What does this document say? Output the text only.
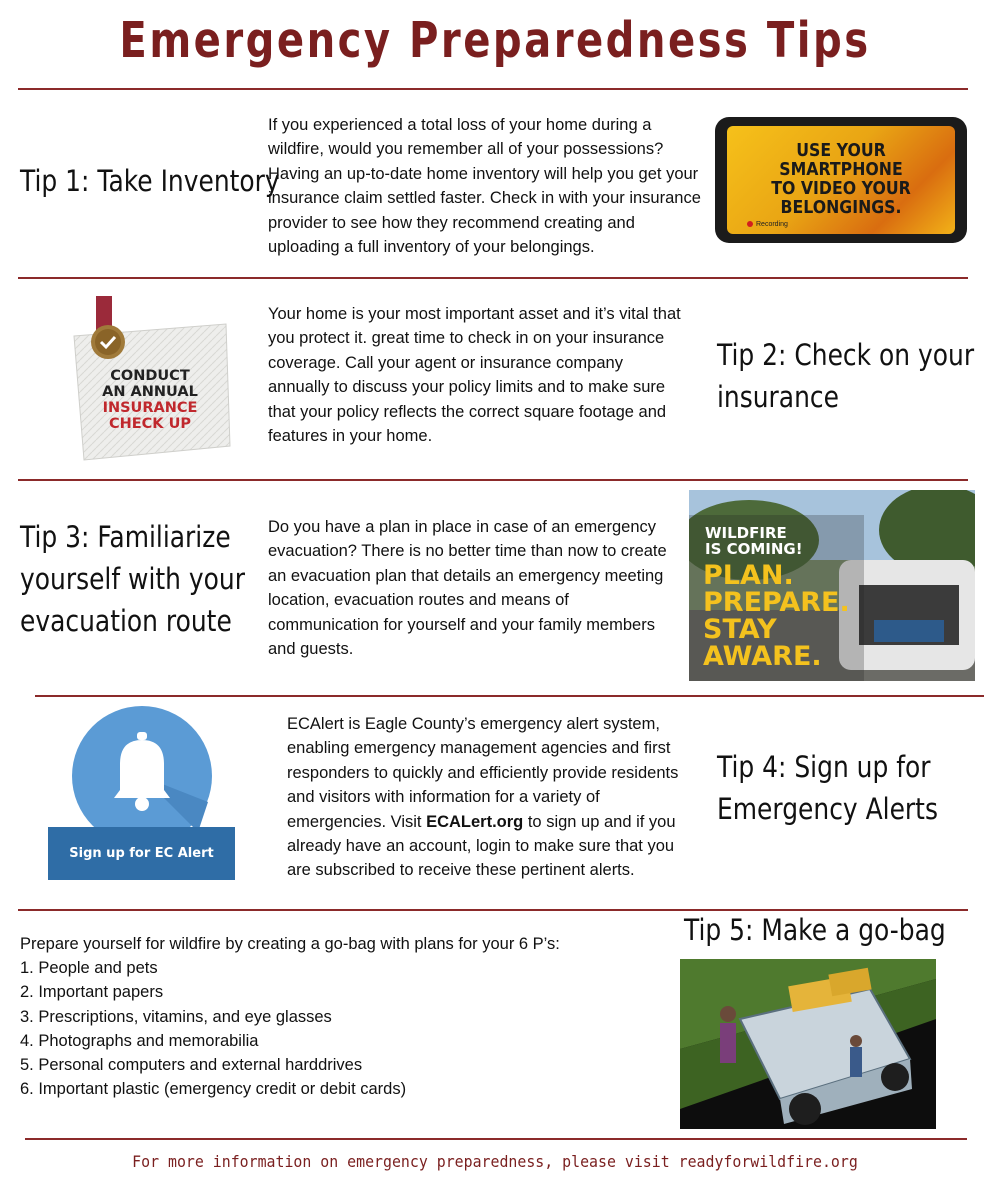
Emergency Preparedness Tips
Tip 1: Take Inventory
If you experienced a total loss of your home during a wildfire, would you remember all of your possessions? Having an up-to-date home inventory will help you get your insurance claim settled faster. Check in with your insurance provider to see how they recommend creating and uploading a full inventory of your belongings.
USE YOUR
SMARTPHONE
TO VIDEO YOUR
BELONGINGS.
Recording
CONDUCT
AN ANNUAL
INSURANCE
CHECK UP
Your home is your most important asset and it’s vital that you protect it. great time to check in on your insurance coverage. Call your agent or insurance company annually to discuss your policy limits and to make sure that your policy reflects the correct square footage and features in your home.
Tip 2: Check on your
insurance
Tip 3: Familiarize
yourself with your
evacuation route
Do you have a plan in place in case of an emergency evacuation? There is no better time than now to create an evacuation plan that details an emergency meeting location, evacuation routes and means of communication for yourself and your family members and guests.
WILDFIRE
IS COMING!
PLAN.
PREPARE.
STAY
AWARE.
Sign up for EC Alert
ECAlert is Eagle County’s emergency alert system, enabling emergency management agencies and first responders to quickly and efficiently provide residents and visitors with information for a variety of emergencies. Visit ECALert.org to sign up and if you already have an account, login to make sure that you are subscribed to receive these pertinent alerts.
Tip 4: Sign up for
Emergency Alerts
Tip 5: Make a go-bag
Prepare yourself for wildfire by creating a go-bag with plans for your 6 P’s:
1. People and pets
2. Important papers
3. Prescriptions, vitamins, and eye glasses
4. Photographs and memorabilia
5. Personal computers and external harddrives
6. Important plastic (emergency credit or debit cards)
For more information on emergency preparedness, please visit readyforwildfire.org
